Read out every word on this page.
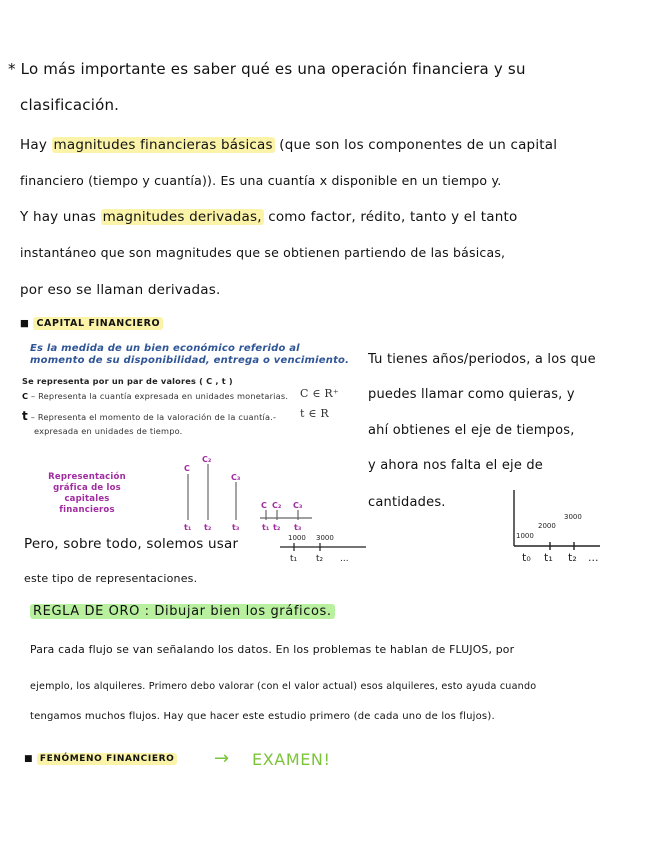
* Lo más importante es saber qué es una operación financiera y su
clasificación.
Hay magnitudes financieras básicas (que son los componentes de un capital
financiero (tiempo y cuantía)). Es una cuantía x disponible en un tiempo y.
Y hay unas magnitudes derivadas, como factor, rédito, tanto y el tanto
instantáneo que son magnitudes que se obtienen partiendo de las básicas,
por eso se llaman derivadas.
■ CAPITAL FINANCIERO
Es la medida de un bien económico referido al momento de su disponibilidad, entrega o vencimiento.
Se representa por un par de valores ( C , t )
C – Representa la cuantía expresada en unidades monetarias. C ∈ R⁺
t – Representa el momento de la valoración de la cuantía.- t ∈ R
expresada en unidades de tiempo.
Representación gráfica de los capitales financieros
C
C₂
C₃
C C₂ C₃
t₁ t₂	t₃	t₁ t₂ t₃
Tu tienes años/periodos, a los que
puedes llamar como quieras, y
ahí obtienes el eje de tiempos,
y ahora nos falta el eje de
cantidades.
1000
2000
3000
t₀ t₁ t₂ ...
Pero, sobre todo, solemos usar	1000 3000
t₁ t₂ ...
este tipo de representaciones.
REGLA DE ORO : Dibujar bien los gráficos.
Para cada flujo se van señalando los datos. En los problemas te hablan de FLUJOS, por
ejemplo, los alquileres. Primero debo valorar (con el valor actual) esos alquileres, esto ayuda cuando
tengamos muchos flujos. Hay que hacer este estudio primero (de cada uno de los flujos).
■ FENÓMENO FINANCIERO → EXAMEN!
